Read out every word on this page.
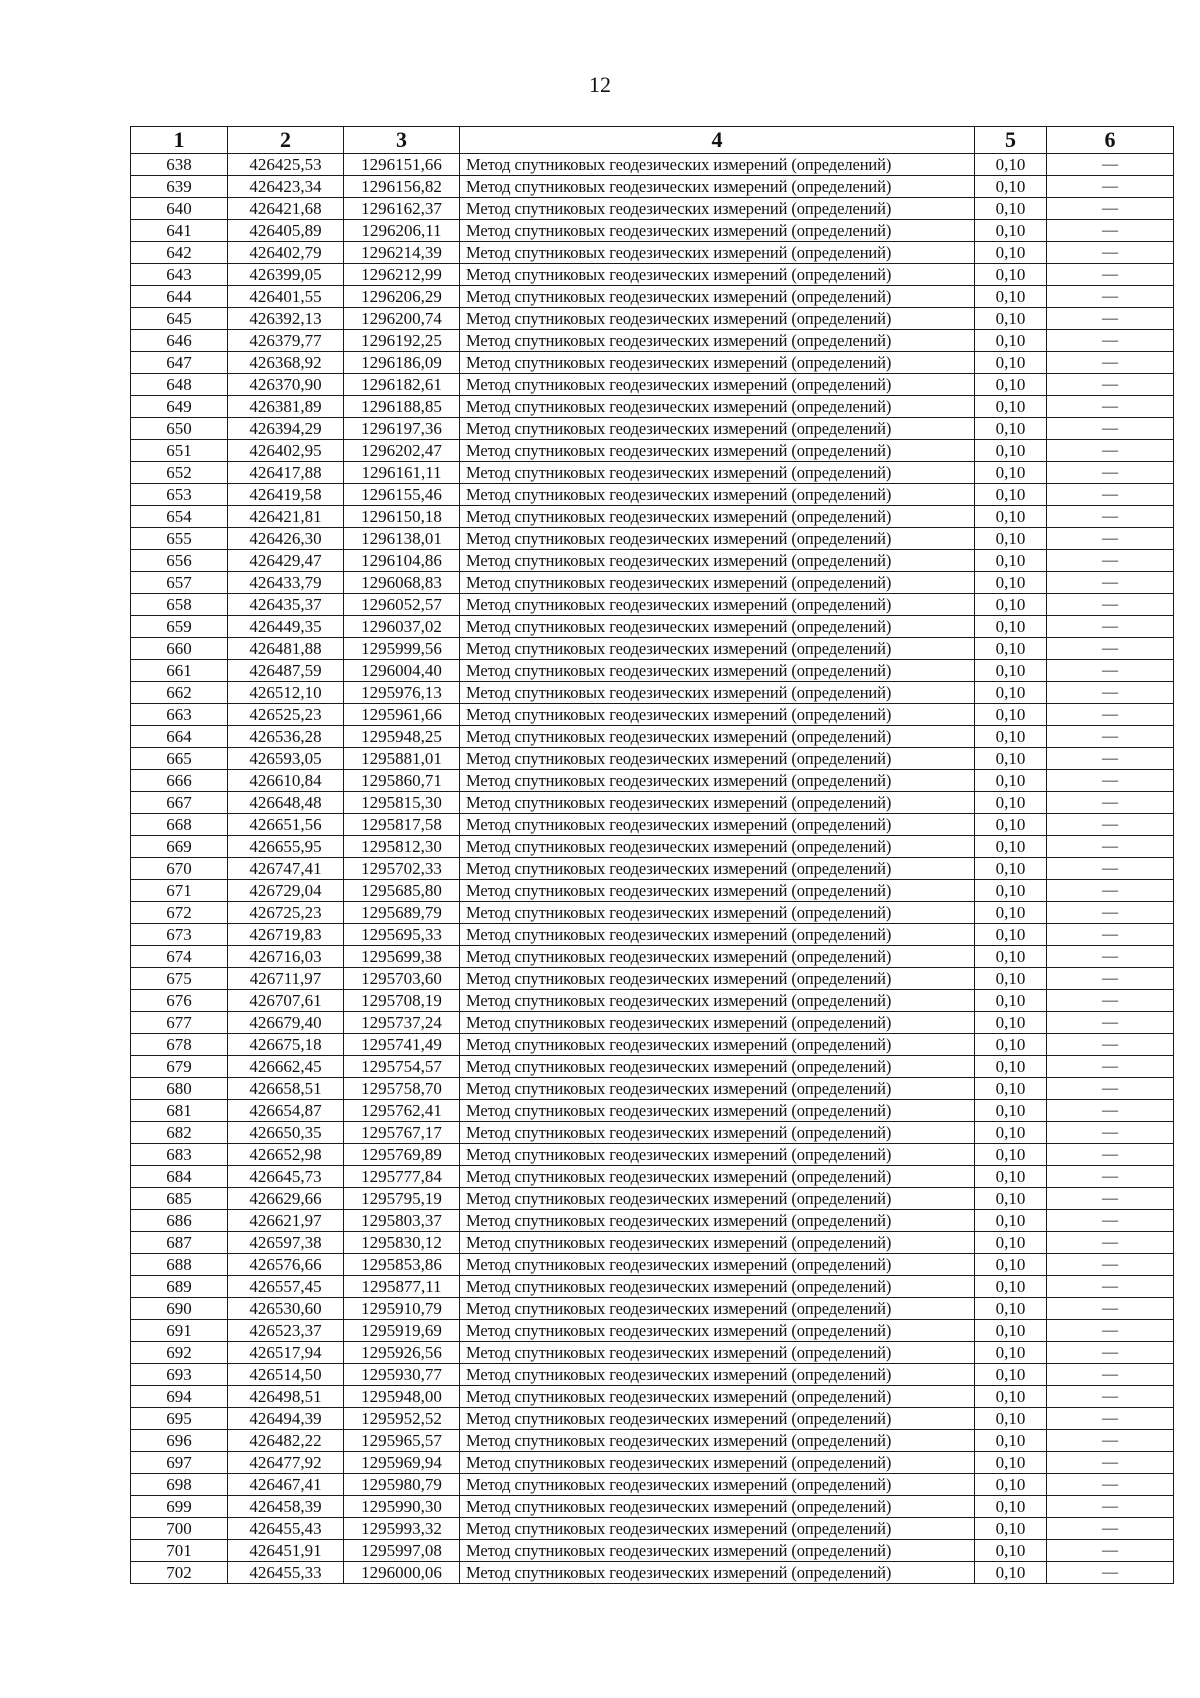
12
1	2	3	4	5	6
638	426425,53	1296151,66	Метод спутниковых геодезических измерений (определений)	0,10	—
639	426423,34	1296156,82	Метод спутниковых геодезических измерений (определений)	0,10	—
640	426421,68	1296162,37	Метод спутниковых геодезических измерений (определений)	0,10	—
641	426405,89	1296206,11	Метод спутниковых геодезических измерений (определений)	0,10	—
642	426402,79	1296214,39	Метод спутниковых геодезических измерений (определений)	0,10	—
643	426399,05	1296212,99	Метод спутниковых геодезических измерений (определений)	0,10	—
644	426401,55	1296206,29	Метод спутниковых геодезических измерений (определений)	0,10	—
645	426392,13	1296200,74	Метод спутниковых геодезических измерений (определений)	0,10	—
646	426379,77	1296192,25	Метод спутниковых геодезических измерений (определений)	0,10	—
647	426368,92	1296186,09	Метод спутниковых геодезических измерений (определений)	0,10	—
648	426370,90	1296182,61	Метод спутниковых геодезических измерений (определений)	0,10	—
649	426381,89	1296188,85	Метод спутниковых геодезических измерений (определений)	0,10	—
650	426394,29	1296197,36	Метод спутниковых геодезических измерений (определений)	0,10	—
651	426402,95	1296202,47	Метод спутниковых геодезических измерений (определений)	0,10	—
652	426417,88	1296161,11	Метод спутниковых геодезических измерений (определений)	0,10	—
653	426419,58	1296155,46	Метод спутниковых геодезических измерений (определений)	0,10	—
654	426421,81	1296150,18	Метод спутниковых геодезических измерений (определений)	0,10	—
655	426426,30	1296138,01	Метод спутниковых геодезических измерений (определений)	0,10	—
656	426429,47	1296104,86	Метод спутниковых геодезических измерений (определений)	0,10	—
657	426433,79	1296068,83	Метод спутниковых геодезических измерений (определений)	0,10	—
658	426435,37	1296052,57	Метод спутниковых геодезических измерений (определений)	0,10	—
659	426449,35	1296037,02	Метод спутниковых геодезических измерений (определений)	0,10	—
660	426481,88	1295999,56	Метод спутниковых геодезических измерений (определений)	0,10	—
661	426487,59	1296004,40	Метод спутниковых геодезических измерений (определений)	0,10	—
662	426512,10	1295976,13	Метод спутниковых геодезических измерений (определений)	0,10	—
663	426525,23	1295961,66	Метод спутниковых геодезических измерений (определений)	0,10	—
664	426536,28	1295948,25	Метод спутниковых геодезических измерений (определений)	0,10	—
665	426593,05	1295881,01	Метод спутниковых геодезических измерений (определений)	0,10	—
666	426610,84	1295860,71	Метод спутниковых геодезических измерений (определений)	0,10	—
667	426648,48	1295815,30	Метод спутниковых геодезических измерений (определений)	0,10	—
668	426651,56	1295817,58	Метод спутниковых геодезических измерений (определений)	0,10	—
669	426655,95	1295812,30	Метод спутниковых геодезических измерений (определений)	0,10	—
670	426747,41	1295702,33	Метод спутниковых геодезических измерений (определений)	0,10	—
671	426729,04	1295685,80	Метод спутниковых геодезических измерений (определений)	0,10	—
672	426725,23	1295689,79	Метод спутниковых геодезических измерений (определений)	0,10	—
673	426719,83	1295695,33	Метод спутниковых геодезических измерений (определений)	0,10	—
674	426716,03	1295699,38	Метод спутниковых геодезических измерений (определений)	0,10	—
675	426711,97	1295703,60	Метод спутниковых геодезических измерений (определений)	0,10	—
676	426707,61	1295708,19	Метод спутниковых геодезических измерений (определений)	0,10	—
677	426679,40	1295737,24	Метод спутниковых геодезических измерений (определений)	0,10	—
678	426675,18	1295741,49	Метод спутниковых геодезических измерений (определений)	0,10	—
679	426662,45	1295754,57	Метод спутниковых геодезических измерений (определений)	0,10	—
680	426658,51	1295758,70	Метод спутниковых геодезических измерений (определений)	0,10	—
681	426654,87	1295762,41	Метод спутниковых геодезических измерений (определений)	0,10	—
682	426650,35	1295767,17	Метод спутниковых геодезических измерений (определений)	0,10	—
683	426652,98	1295769,89	Метод спутниковых геодезических измерений (определений)	0,10	—
684	426645,73	1295777,84	Метод спутниковых геодезических измерений (определений)	0,10	—
685	426629,66	1295795,19	Метод спутниковых геодезических измерений (определений)	0,10	—
686	426621,97	1295803,37	Метод спутниковых геодезических измерений (определений)	0,10	—
687	426597,38	1295830,12	Метод спутниковых геодезических измерений (определений)	0,10	—
688	426576,66	1295853,86	Метод спутниковых геодезических измерений (определений)	0,10	—
689	426557,45	1295877,11	Метод спутниковых геодезических измерений (определений)	0,10	—
690	426530,60	1295910,79	Метод спутниковых геодезических измерений (определений)	0,10	—
691	426523,37	1295919,69	Метод спутниковых геодезических измерений (определений)	0,10	—
692	426517,94	1295926,56	Метод спутниковых геодезических измерений (определений)	0,10	—
693	426514,50	1295930,77	Метод спутниковых геодезических измерений (определений)	0,10	—
694	426498,51	1295948,00	Метод спутниковых геодезических измерений (определений)	0,10	—
695	426494,39	1295952,52	Метод спутниковых геодезических измерений (определений)	0,10	—
696	426482,22	1295965,57	Метод спутниковых геодезических измерений (определений)	0,10	—
697	426477,92	1295969,94	Метод спутниковых геодезических измерений (определений)	0,10	—
698	426467,41	1295980,79	Метод спутниковых геодезических измерений (определений)	0,10	—
699	426458,39	1295990,30	Метод спутниковых геодезических измерений (определений)	0,10	—
700	426455,43	1295993,32	Метод спутниковых геодезических измерений (определений)	0,10	—
701	426451,91	1295997,08	Метод спутниковых геодезических измерений (определений)	0,10	—
702	426455,33	1296000,06	Метод спутниковых геодезических измерений (определений)	0,10	—
